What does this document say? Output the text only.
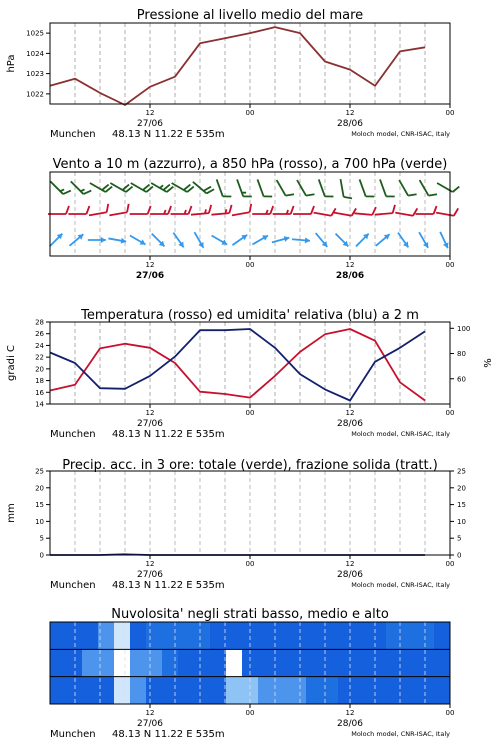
Pressione al livello medio del mare
1022
1023
1024
1025
hPa
12	00	12	00
27/06	28/06
Munchen 48.13 N 11.22 E 535m	Moloch model, CNR-ISAC, Italy
Vento a 10 m (azzurro), a 850 hPa (rosso), a 700 hPa (verde)
12	00	12	00
27/06	28/06
Temperatura (rosso) ed umidita' relativa (blu) a 2 m
14
16
18
20
22
24
26
28
60
80
100
gradi C	%
12	00	12	00
27/06	28/06
Munchen 48.13 N 11.22 E 535m	Moloch model, CNR-ISAC, Italy
Precip. acc. in 3 ore: totale (verde), frazione solida (tratt.)
0
5
10
15
20
25
0
5
10
15
20
25
mm
12	00	12	00
27/06	28/06
Munchen 48.13 N 11.22 E 535m	Moloch model, CNR-ISAC, Italy
Nuvolosita' negli strati basso, medio e alto
12	00	12	00
27/06	28/06
Munchen 48.13 N 11.22 E 535m	Moloch model, CNR-ISAC, Italy
